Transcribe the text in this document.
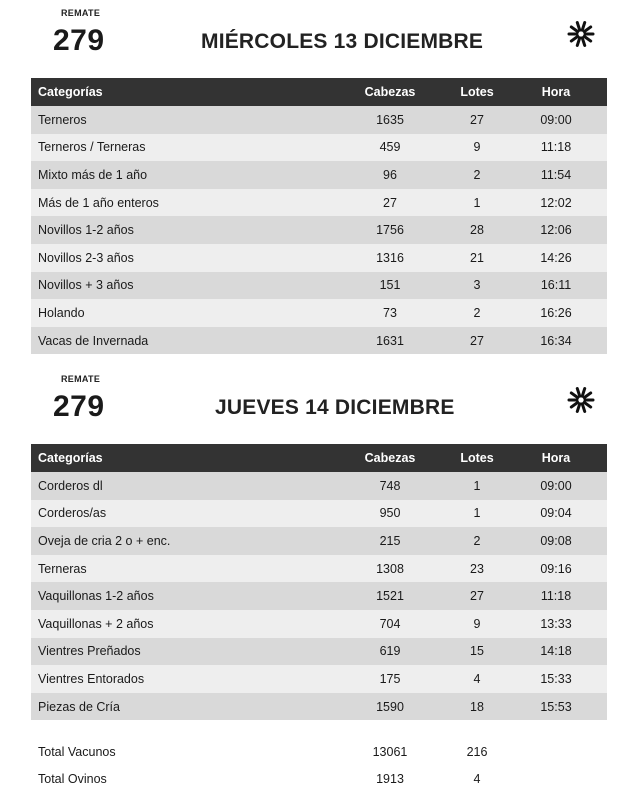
REMATE
279	MIÉRCOLES 13 DICIEMBRE
Categorías	Cabezas	Lotes	Hora
Terneros	1635	27	09:00
Terneros / Terneras	459	9	11:18
Mixto más de 1 año	96	2	11:54
Más de 1 año enteros	27	1	12:02
Novillos 1-2 años	1756	28	12:06
Novillos 2-3 años	1316	21	14:26
Novillos + 3 años	151	3	16:11
Holando	73	2	16:26
Vacas de Invernada	1631	27	16:34
REMATE
279	JUEVES 14 DICIEMBRE
Categorías	Cabezas	Lotes	Hora
Corderos dl	748	1	09:00
Corderos/as	950	1	09:04
Oveja de cria 2 o + enc.	215	2	09:08
Terneras	1308	23	09:16
Vaquillonas 1-2 años	1521	27	11:18
Vaquillonas + 2 años	704	9	13:33
Vientres Preñados	619	15	14:18
Vientres Entorados	175	4	15:33
Piezas de Cría	1590	18	15:53
Total Vacunos	13061	216	
Total Ovinos	1913	4	
